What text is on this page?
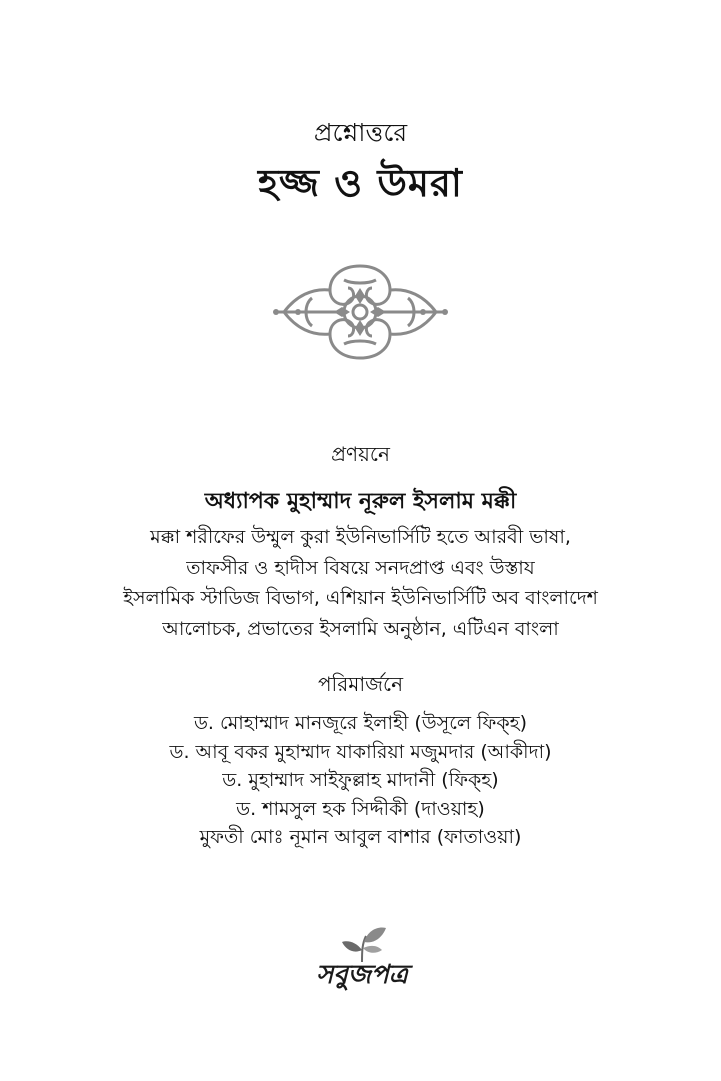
প্রশ্নোত্তরে
হজ্জ ও উমরা
প্রণয়নে
অধ্যাপক মুহাম্মাদ নূরুল ইসলাম মক্কী
মক্কা শরীফের উম্মুল কুরা ইউনিভার্সিটি হতে আরবী ভাষা,
তাফসীর ও হাদীস বিষয়ে সনদপ্রাপ্ত এবং উস্তায
ইসলামিক স্টাডিজ বিভাগ, এশিয়ান ইউনিভার্সিটি অব বাংলাদেশ
আলোচক, প্রভাতের ইসলামি অনুষ্ঠান, এটিএন বাংলা
পরিমার্জনে
ড. মোহাম্মাদ মানজূরে ইলাহী (উসূলে ফিক্‌হ)
ড. আবূ বকর মুহাম্মাদ যাকারিয়া মজুমদার (আকীদা)
ড. মুহাম্মাদ সাইফুল্লাহ মাদানী (ফিক্‌হ)
ড. শামসুল হক সিদ্দীকী (দাওয়াহ)
মুফতী মোঃ নূমান আবুল বাশার (ফাতাওয়া)
সবুজপত্র
